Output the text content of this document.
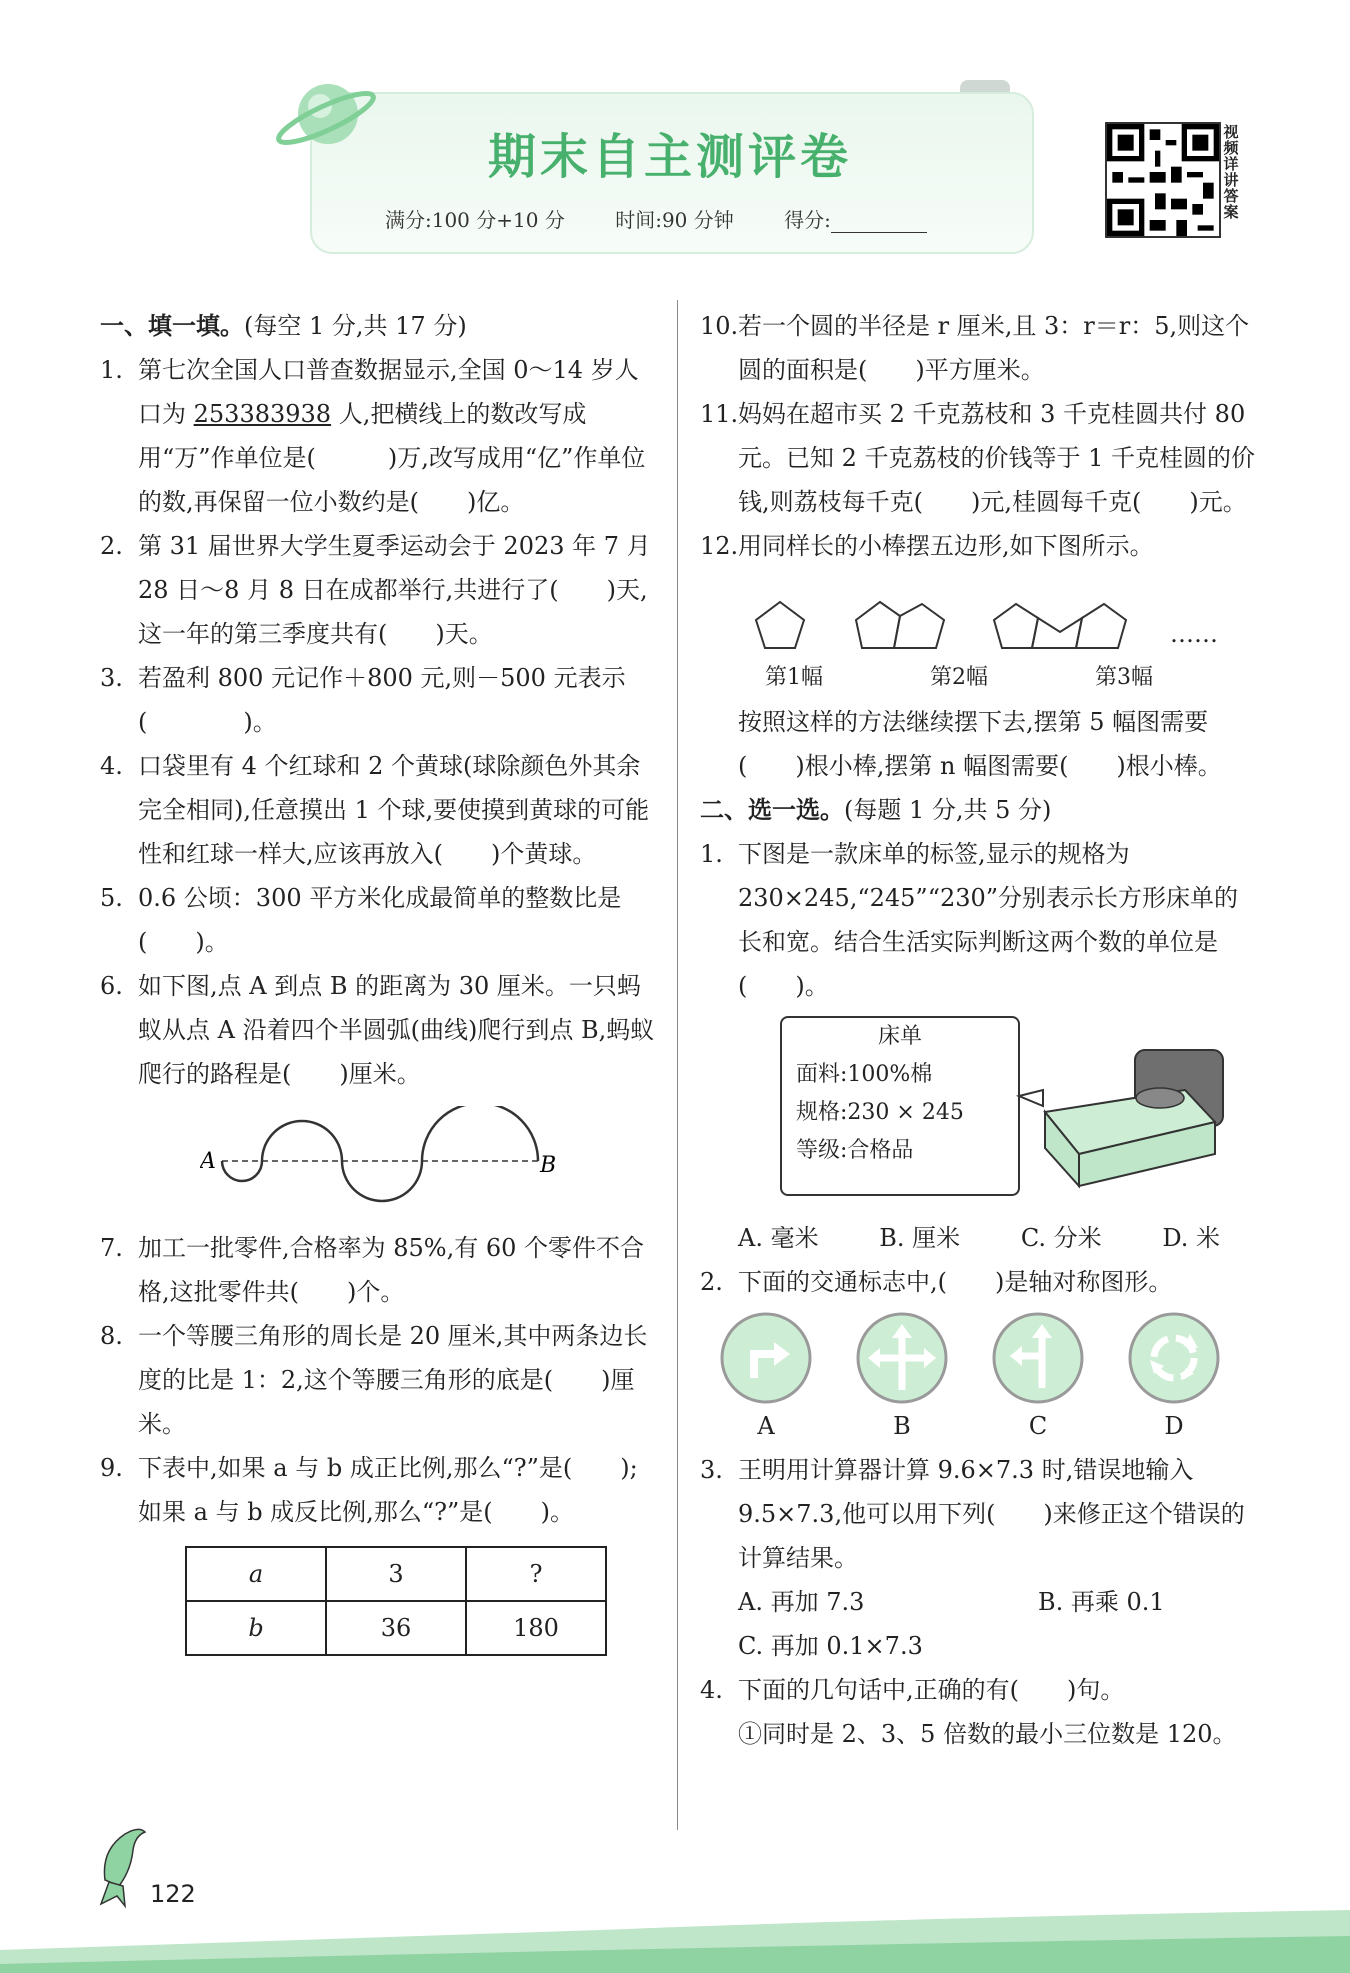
期末自主测评卷
满分:100 分+10 分	时间:90 分钟	得分:
视频详讲答案
一、填一填。(每空 1 分,共 17 分)
1. 第七次全国人口普查数据显示,全国 0～14 岁人口为 253383938 人,把横线上的数改写成用“万”作单位是(　　　)万,改写成用“亿”作单位的数,再保留一位小数约是(　　)亿。
2. 第 31 届世界大学生夏季运动会于 2023 年 7 月 28 日～8 月 8 日在成都举行,共进行了(　　)天,这一年的第三季度共有(　　)天。
3. 若盈利 800 元记作＋800 元,则－500 元表示(　　　　)。
4. 口袋里有 4 个红球和 2 个黄球(球除颜色外其余完全相同),任意摸出 1 个球,要使摸到黄球的可能性和红球一样大,应该再放入(　　)个黄球。
5. 0.6 公顷：300 平方米化成最简单的整数比是(　　)。
6. 如下图,点 A 到点 B 的距离为 30 厘米。一只蚂蚁从点 A 沿着四个半圆弧(曲线)爬行到点 B,蚂蚁爬行的路程是(　　)厘米。
A	B
7. 加工一批零件,合格率为 85%,有 60 个零件不合格,这批零件共(　　)个。
8. 一个等腰三角形的周长是 20 厘米,其中两条边长度的比是 1：2,这个等腰三角形的底是(　　)厘米。
9. 下表中,如果 a 与 b 成正比例,那么“?”是(　　);如果 a 与 b 成反比例,那么“?”是(　　)。
a	3	?
b	36	180
10. 若一个圆的半径是 r 厘米,且 3：r＝r：5,则这个圆的面积是(　　)平方厘米。
11. 妈妈在超市买 2 千克荔枝和 3 千克桂圆共付 80 元。已知 2 千克荔枝的价钱等于 1 千克桂圆的价钱,则荔枝每千克(　　)元,桂圆每千克(　　)元。
12. 用同样长的小棒摆五边形,如下图所示。
……
第1幅	第2幅	第3幅
按照这样的方法继续摆下去,摆第 5 幅图需要(　　)根小棒,摆第 n 幅图需要(　　)根小棒。
二、选一选。(每题 1 分,共 5 分)
1. 下图是一款床单的标签,显示的规格为 230×245,“245”“230”分别表示长方形床单的长和宽。结合生活实际判断这两个数的单位是(　　)。
床单
面料:100%棉
规格:230 × 245
等级:合格品
A. 毫米	B. 厘米	C. 分米	D. 米
2. 下面的交通标志中,(　　)是轴对称图形。
A	B	C	D
3. 王明用计算器计算 9.6×7.3 时,错误地输入 9.5×7.3,他可以用下列(　　)来修正这个错误的计算结果。
A. 再加 7.3	B. 再乘 0.1
C. 再加 0.1×7.3
4. 下面的几句话中,正确的有(　　)句。
①同时是 2、3、5 倍数的最小三位数是 120。
122
